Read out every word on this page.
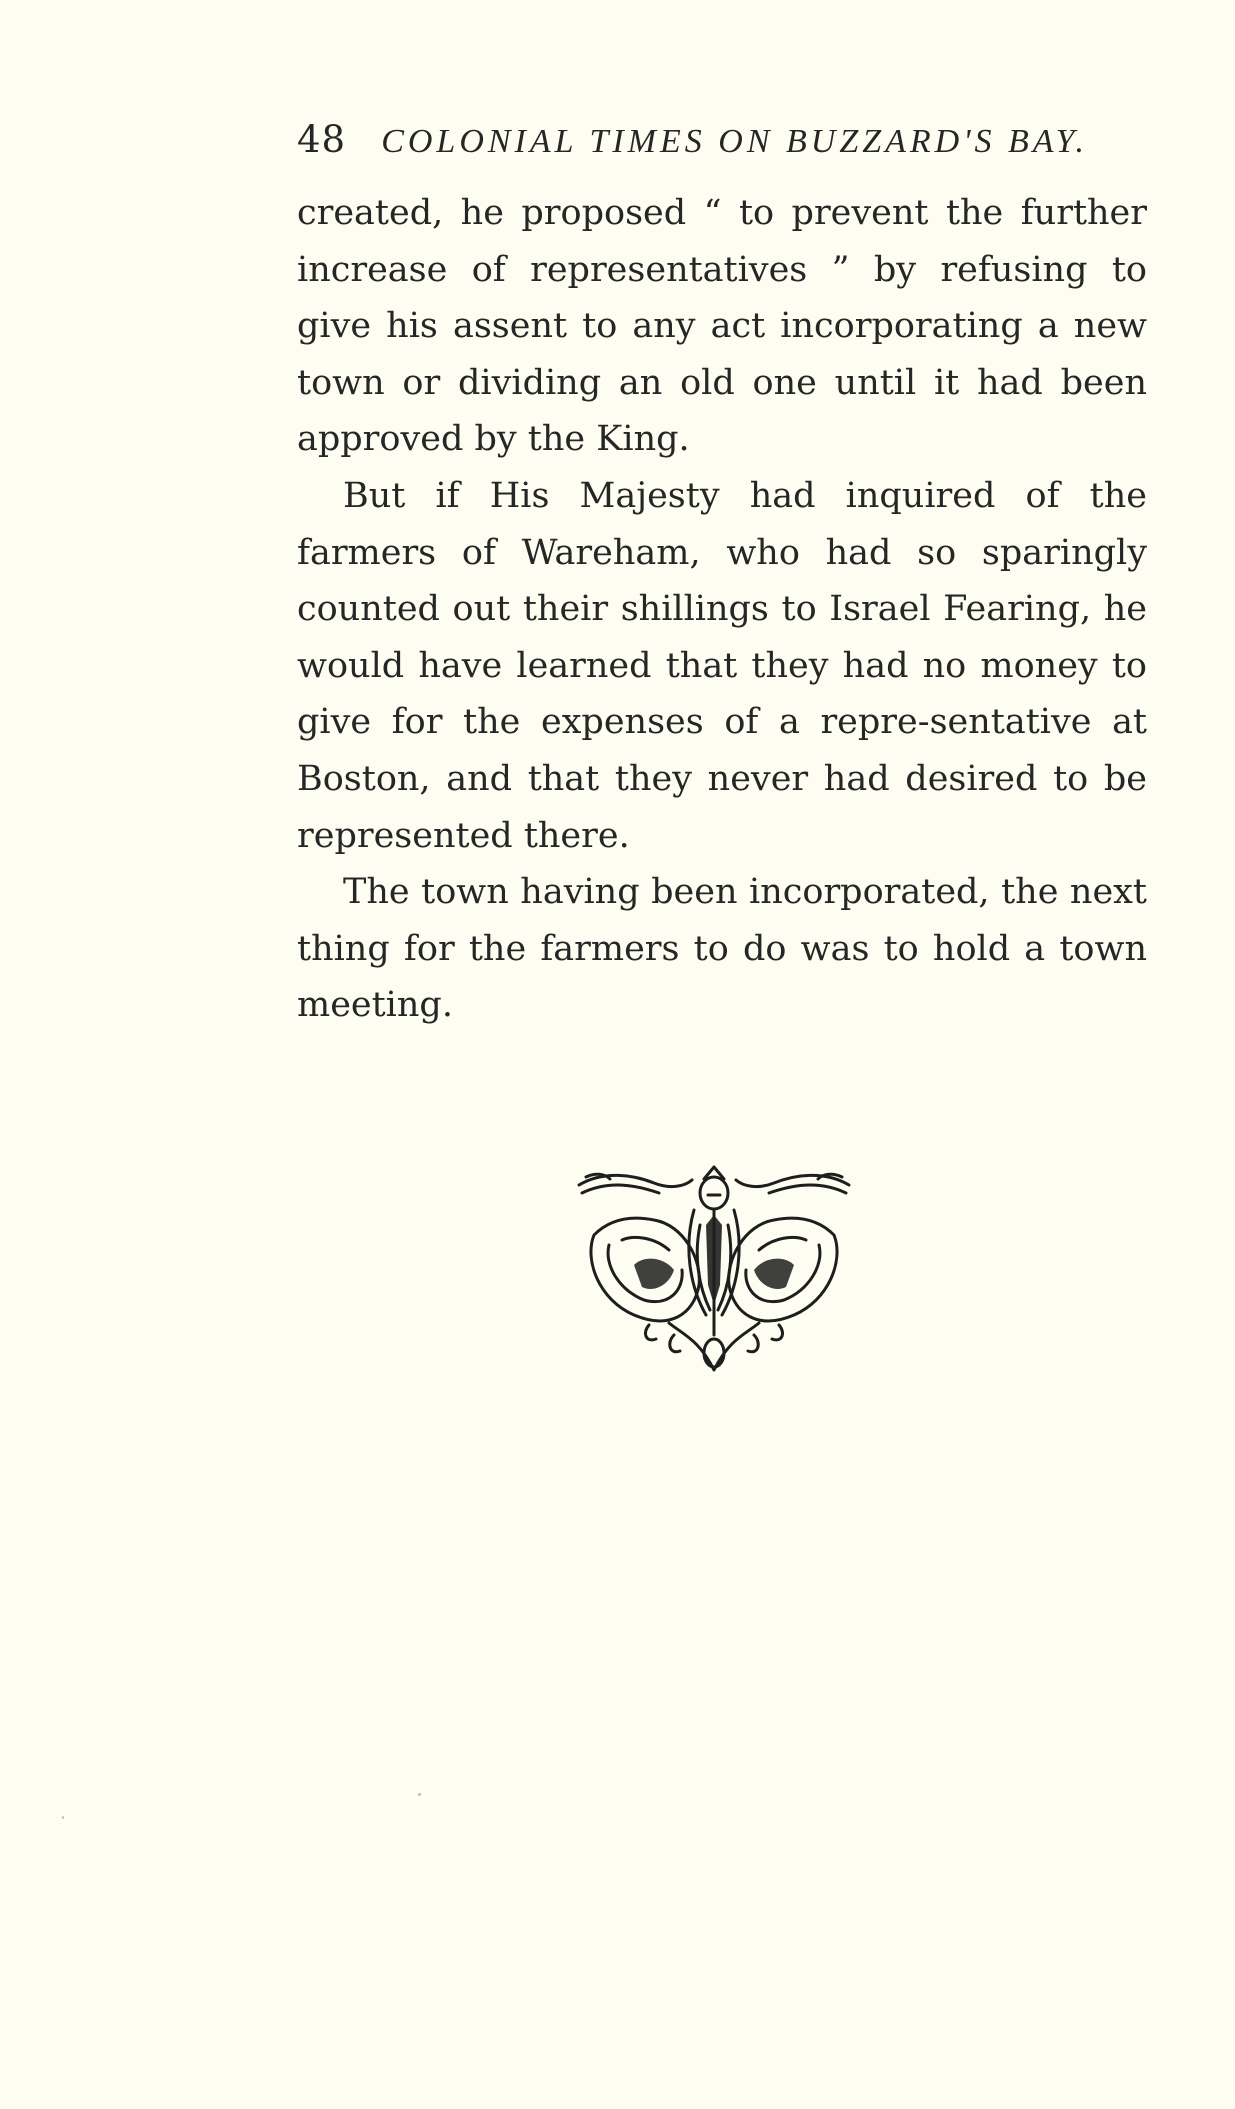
48 COLONIAL TIMES ON BUZZARD'S BAY.

created, he proposed “ to prevent the further increase of representatives ” by refusing to give his assent to any act incorporating a new town or dividing an old one until it had been approved by the King.

But if His Majesty had inquired of the farmers of Wareham, who had so sparingly counted out their shillings to Israel Fearing, he would have learned that they had no money to give for the expenses of a repre-sentative at Boston, and that they never had desired to be represented there.

The town having been incorporated, the next thing for the farmers to do was to hold a town meeting.
